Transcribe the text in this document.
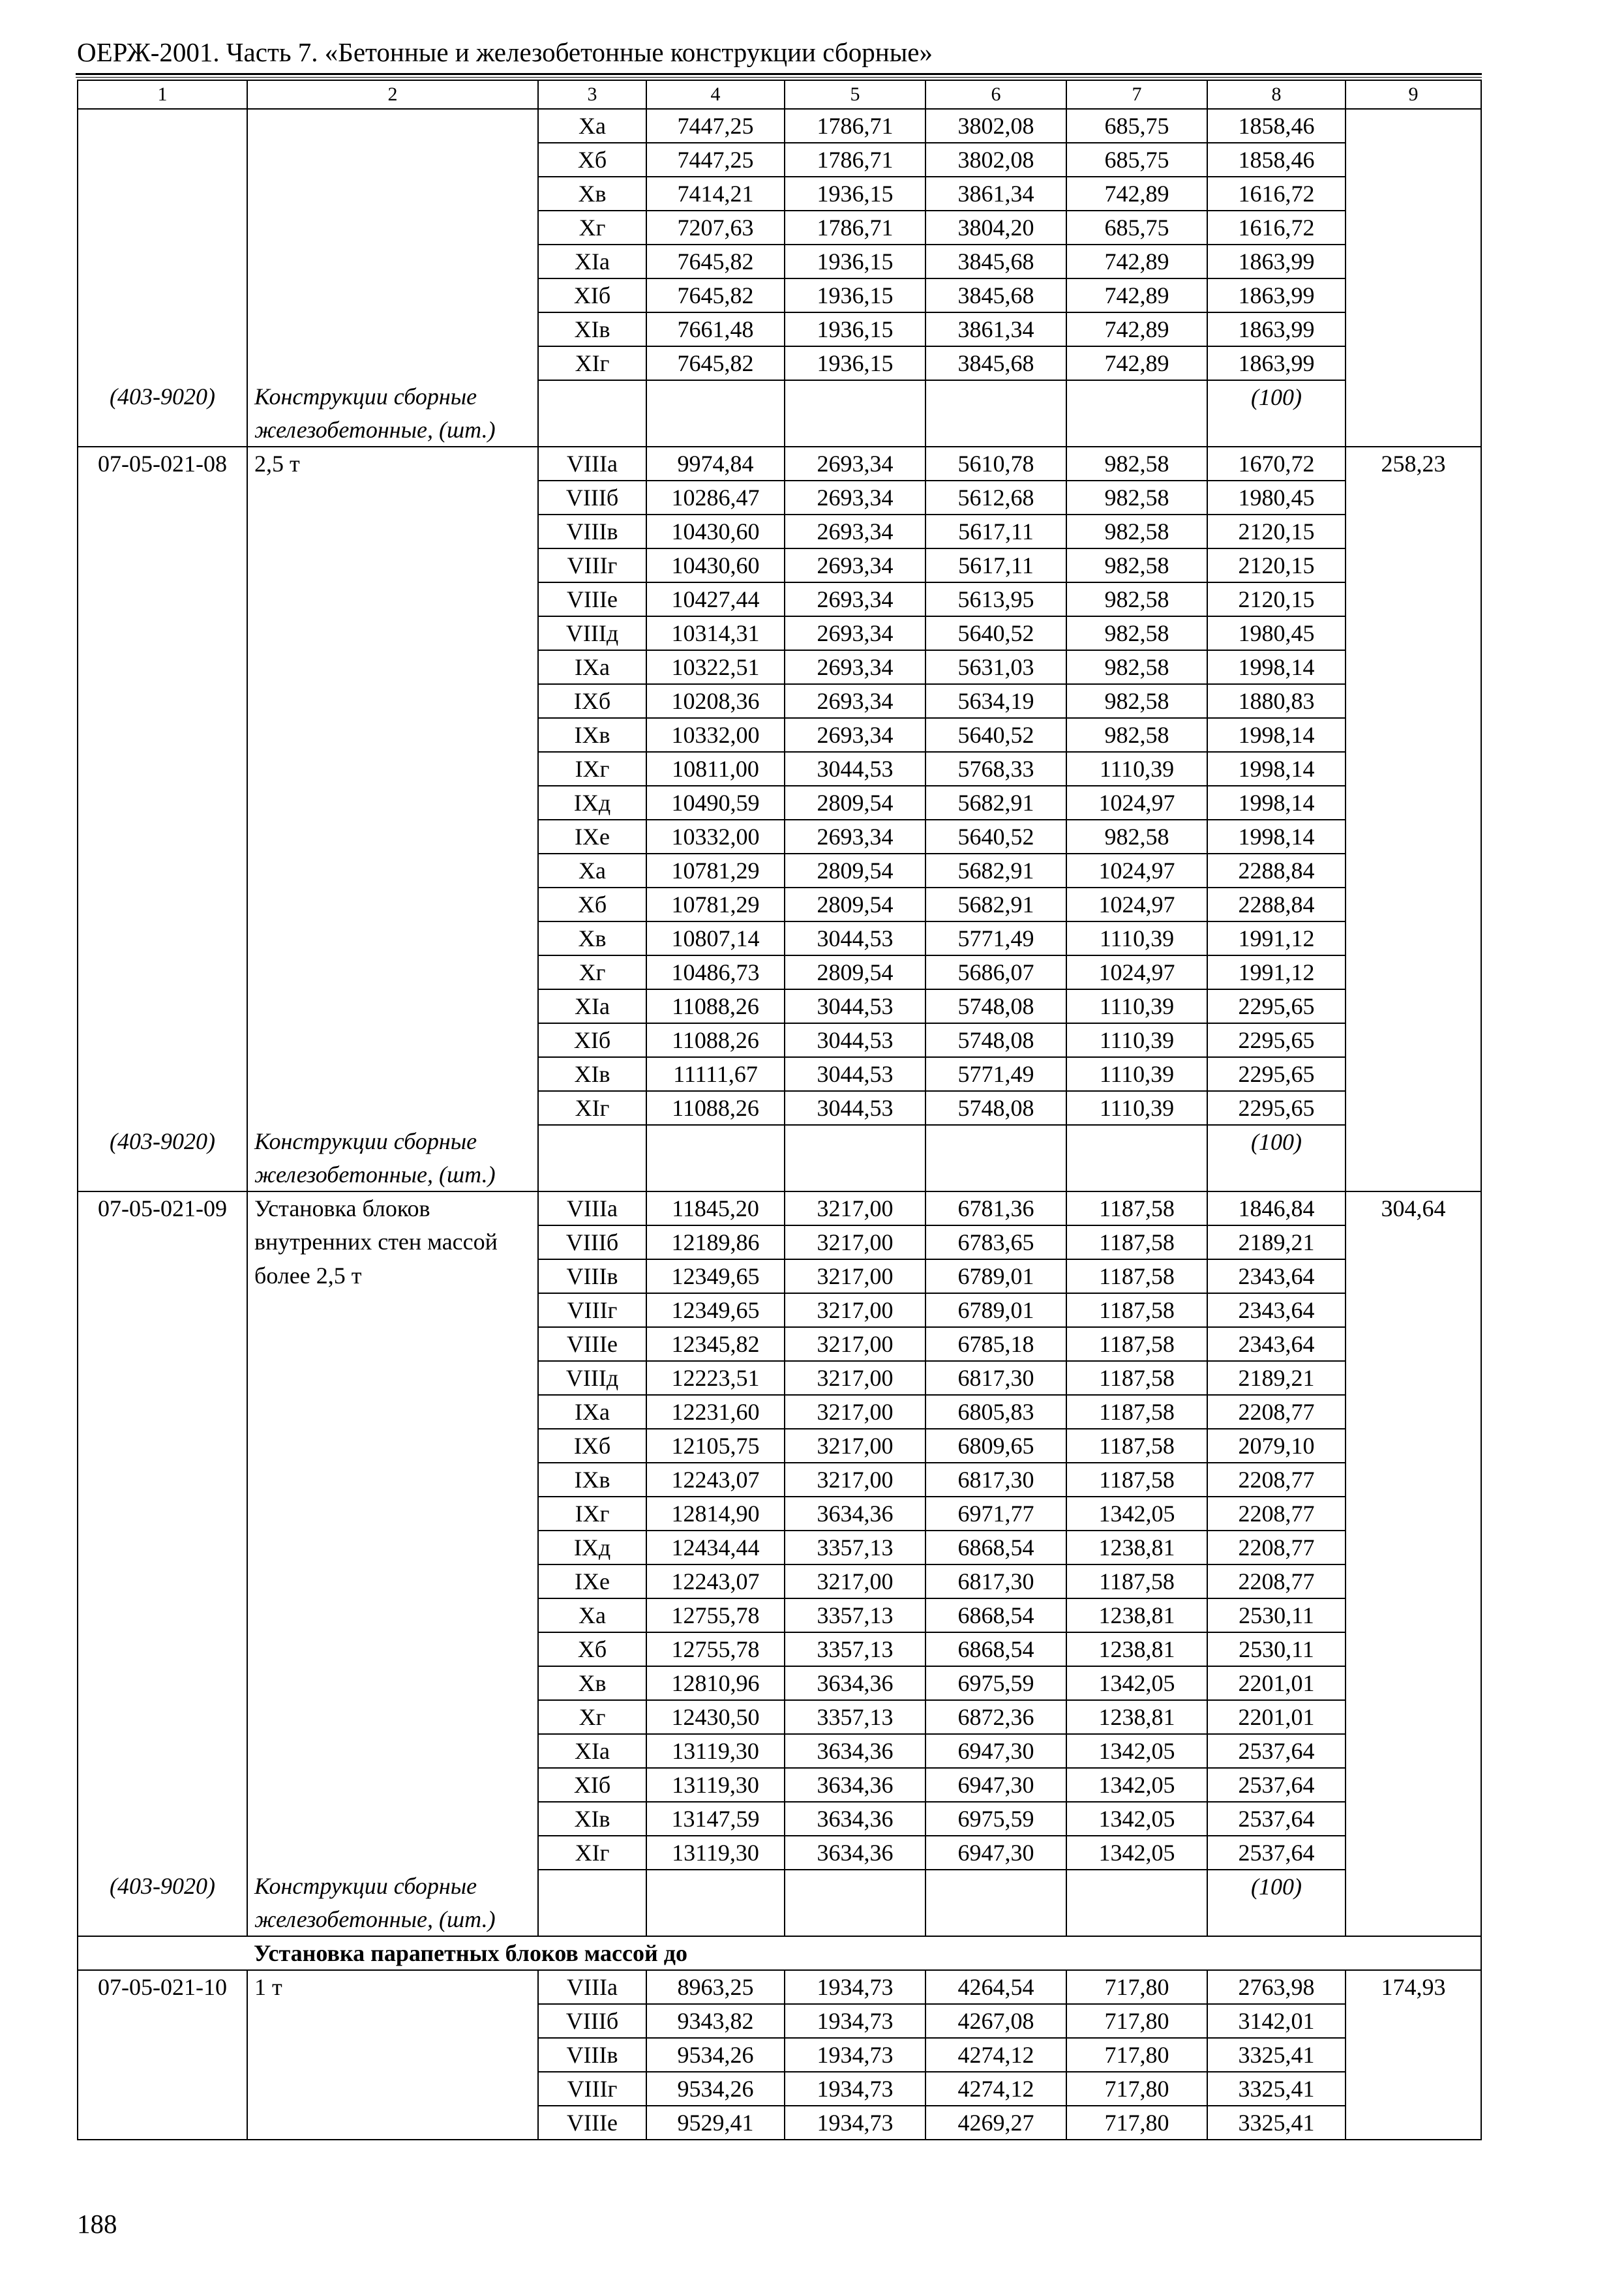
ОЕРЖ-2001. Часть 7. «Бетонные и железобетонные конструкции сборные»
1	2	3	4	5	6	7	8	9
		Xa	7447,25	1786,71	3802,08	685,75	1858,46	
		Xб	7447,25	1786,71	3802,08	685,75	1858,46	
		Xв	7414,21	1936,15	3861,34	742,89	1616,72	
		Xг	7207,63	1786,71	3804,20	685,75	1616,72	
		XIa	7645,82	1936,15	3845,68	742,89	1863,99	
		XIб	7645,82	1936,15	3845,68	742,89	1863,99	
		XIв	7661,48	1936,15	3861,34	742,89	1863,99	
		XIг	7645,82	1936,15	3845,68	742,89	1863,99	
(403-9020)	Конструкции сборные						(100)	
	железобетонные, (шт.)							
07-05-021-08	2,5 т	VIIIa	9974,84	2693,34	5610,78	982,58	1670,72	258,23
		VIIIб	10286,47	2693,34	5612,68	982,58	1980,45	
		VIIIв	10430,60	2693,34	5617,11	982,58	2120,15	
		VIIIг	10430,60	2693,34	5617,11	982,58	2120,15	
		VIIIe	10427,44	2693,34	5613,95	982,58	2120,15	
		VIIIд	10314,31	2693,34	5640,52	982,58	1980,45	
		IXa	10322,51	2693,34	5631,03	982,58	1998,14	
		IXб	10208,36	2693,34	5634,19	982,58	1880,83	
		IXв	10332,00	2693,34	5640,52	982,58	1998,14	
		IXг	10811,00	3044,53	5768,33	1110,39	1998,14	
		IXд	10490,59	2809,54	5682,91	1024,97	1998,14	
		IXe	10332,00	2693,34	5640,52	982,58	1998,14	
		Xa	10781,29	2809,54	5682,91	1024,97	2288,84	
		Xб	10781,29	2809,54	5682,91	1024,97	2288,84	
		Xв	10807,14	3044,53	5771,49	1110,39	1991,12	
		Xг	10486,73	2809,54	5686,07	1024,97	1991,12	
		XIa	11088,26	3044,53	5748,08	1110,39	2295,65	
		XIб	11088,26	3044,53	5748,08	1110,39	2295,65	
		XIв	11111,67	3044,53	5771,49	1110,39	2295,65	
		XIг	11088,26	3044,53	5748,08	1110,39	2295,65	
(403-9020)	Конструкции сборные						(100)	
	железобетонные, (шт.)							
07-05-021-09	Установка блоков	VIIIa	11845,20	3217,00	6781,36	1187,58	1846,84	304,64
	внутренних стен массой	VIIIб	12189,86	3217,00	6783,65	1187,58	2189,21	
	более 2,5 т	VIIIв	12349,65	3217,00	6789,01	1187,58	2343,64	
		VIIIг	12349,65	3217,00	6789,01	1187,58	2343,64	
		VIIIe	12345,82	3217,00	6785,18	1187,58	2343,64	
		VIIIд	12223,51	3217,00	6817,30	1187,58	2189,21	
		IXa	12231,60	3217,00	6805,83	1187,58	2208,77	
		IXб	12105,75	3217,00	6809,65	1187,58	2079,10	
		IXв	12243,07	3217,00	6817,30	1187,58	2208,77	
		IXг	12814,90	3634,36	6971,77	1342,05	2208,77	
		IXд	12434,44	3357,13	6868,54	1238,81	2208,77	
		IXe	12243,07	3217,00	6817,30	1187,58	2208,77	
		Xa	12755,78	3357,13	6868,54	1238,81	2530,11	
		Xб	12755,78	3357,13	6868,54	1238,81	2530,11	
		Xв	12810,96	3634,36	6975,59	1342,05	2201,01	
		Xг	12430,50	3357,13	6872,36	1238,81	2201,01	
		XIa	13119,30	3634,36	6947,30	1342,05	2537,64	
		XIб	13119,30	3634,36	6947,30	1342,05	2537,64	
		XIв	13147,59	3634,36	6975,59	1342,05	2537,64	
		XIг	13119,30	3634,36	6947,30	1342,05	2537,64	
(403-9020)	Конструкции сборные						(100)	
	железобетонные, (шт.)							
	Установка парапетных блоков массой до							
07-05-021-10	1 т	VIIIa	8963,25	1934,73	4264,54	717,80	2763,98	174,93
		VIIIб	9343,82	1934,73	4267,08	717,80	3142,01	
		VIIIв	9534,26	1934,73	4274,12	717,80	3325,41	
		VIIIг	9534,26	1934,73	4274,12	717,80	3325,41	
		VIIIe	9529,41	1934,73	4269,27	717,80	3325,41	
188
